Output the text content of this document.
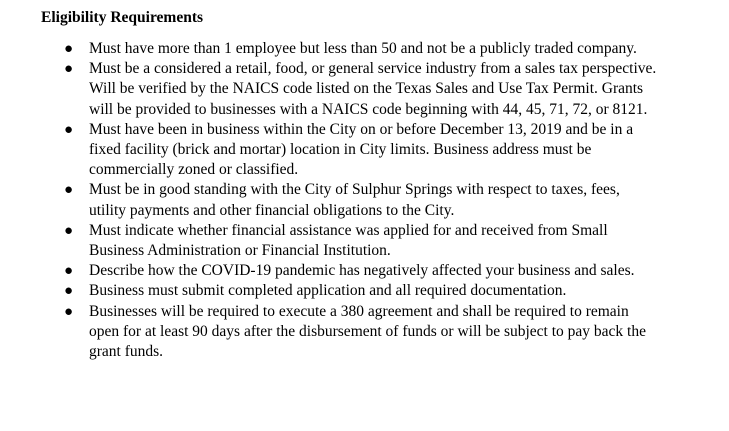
Eligibility Requirements
● Must have more than 1 employee but less than 50 and not be a publicly traded company.
● Must be a considered a retail, food, or general service industry from a sales tax perspective. Will be verified by the NAICS code listed on the Texas Sales and Use Tax Permit. Grants will be provided to businesses with a NAICS code beginning with 44, 45, 71, 72, or 8121.
● Must have been in business within the City on or before December 13, 2019 and be in a fixed facility (brick and mortar) location in City limits. Business address must be commercially zoned or classified.
● Must be in good standing with the City of Sulphur Springs with respect to taxes, fees, utility payments and other financial obligations to the City.
● Must indicate whether financial assistance was applied for and received from Small Business Administration or Financial Institution.
● Describe how the COVID-19 pandemic has negatively affected your business and sales.
● Business must submit completed application and all required documentation.
● Businesses will be required to execute a 380 agreement and shall be required to remain open for at least 90 days after the disbursement of funds or will be subject to pay back the grant funds.
